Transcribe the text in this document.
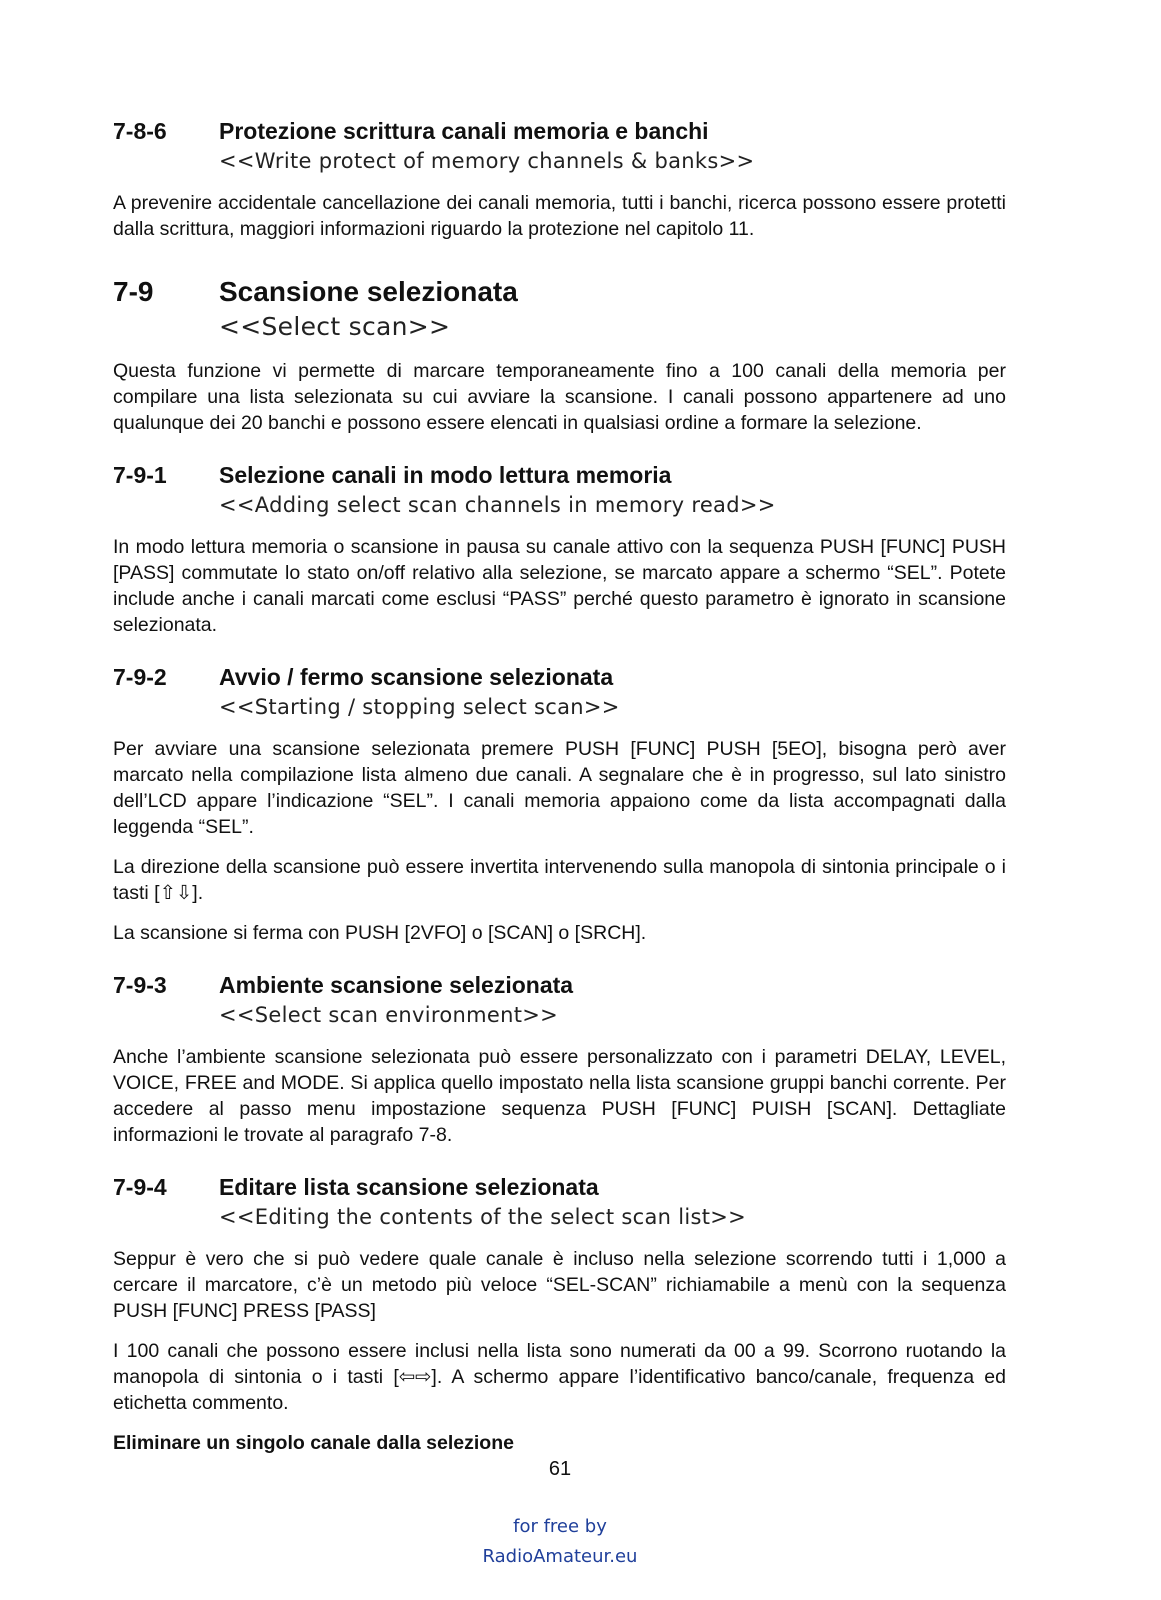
7-8-6	Protezione scrittura canali memoria e banchi
<<Write protect of memory channels & banks>>

A prevenire accidentale cancellazione dei canali memoria, tutti i banchi, ricerca possono essere protetti dalla scrittura, maggiori informazioni riguardo la protezione nel capitolo 11.

7-9	Scansione selezionata
<<Select scan>>

Questa funzione vi permette di marcare temporaneamente fino a 100 canali della memoria per compilare una lista selezionata su cui avviare la scansione. I canali possono appartenere ad uno qualunque dei 20 banchi e possono essere elencati in qualsiasi ordine a formare la selezione.

7-9-1	Selezione canali in modo lettura memoria
<<Adding select scan channels in memory read>>

In modo lettura memoria o scansione in pausa su canale attivo con la sequenza PUSH [FUNC] PUSH [PASS] commutate lo stato on/off relativo alla selezione, se marcato appare a schermo “SEL”. Potete include anche i canali marcati come esclusi “PASS” perché questo parametro è ignorato in scansione selezionata.

7-9-2	Avvio / fermo scansione selezionata
<<Starting / stopping select scan>>

Per avviare una scansione selezionata premere PUSH [FUNC] PUSH [5EO], bisogna però aver marcato nella compilazione lista almeno due canali. A segnalare che è in progresso, sul lato sinistro dell’LCD appare l’indicazione “SEL”. I canali memoria appaiono come da lista accompagnati dalla leggenda “SEL”.

La direzione della scansione può essere invertita intervenendo sulla manopola di sintonia principale o i tasti [⇧⇩].

La scansione si ferma con PUSH [2VFO] o [SCAN] o [SRCH].

7-9-3	Ambiente scansione selezionata
<<Select scan environment>>

Anche l’ambiente scansione selezionata può essere personalizzato con i parametri DELAY, LEVEL, VOICE, FREE and MODE. Si applica quello impostato nella lista scansione gruppi banchi corrente. Per accedere al passo menu impostazione sequenza PUSH [FUNC] PUISH [SCAN]. Dettagliate informazioni le trovate al paragrafo 7-8.

7-9-4	Editare lista scansione selezionata
<<Editing the contents of the select scan list>>

Seppur è vero che si può vedere quale canale è incluso nella selezione scorrendo tutti i 1,000 a cercare il marcatore, c’è un metodo più veloce “SEL-SCAN” richiamabile a menù con la sequenza PUSH [FUNC] PRESS [PASS]

I 100 canali che possono essere inclusi nella lista sono numerati da 00 a 99. Scorrono ruotando la manopola di sintonia o i tasti [⇦⇨]. A schermo appare l’identificativo banco/canale, frequenza ed etichetta commento.

Eliminare un singolo canale dalla selezione
61
for free by
RadioAmateur.eu
